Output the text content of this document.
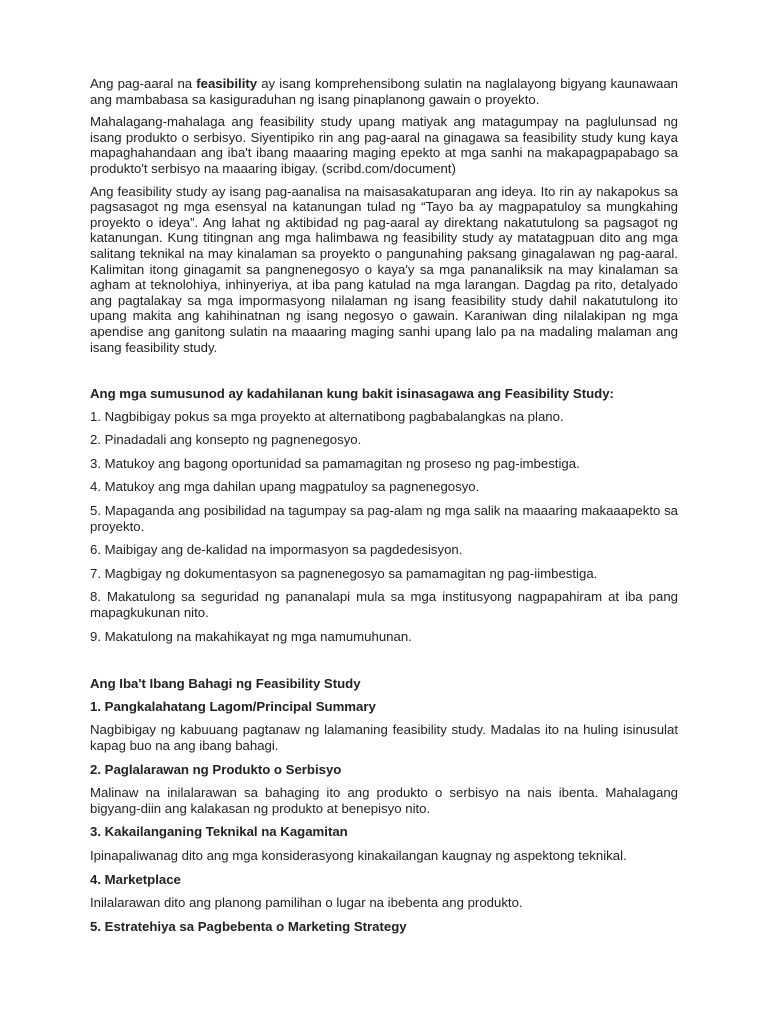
Ang pag-aaral na feasibility ay isang komprehensibong sulatin na naglalayong bigyang kaunawaan ang mambabasa sa kasiguraduhan ng isang pinaplanong gawain o proyekto.

Mahalagang-mahalaga ang feasibility study upang matiyak ang matagumpay na paglulunsad ng isang produkto o serbisyo. Siyentipiko rin ang pag-aaral na ginagawa sa feasibility study kung kaya mapaghahandaan ang iba't ibang maaaring maging epekto at mga sanhi na makapagpapabago sa produkto't serbisyo na maaaring ibigay. (scribd.com/document)

Ang feasibility study ay isang pag-aanalisa na maisasakatuparan ang ideya. Ito rin ay nakapokus sa pagsasagot ng mga esensyal na katanungan tulad ng “Tayo ba ay magpapatuloy sa mungkahing proyekto o ideya”. Ang lahat ng aktibidad ng pag-aaral ay direktang nakatutulong sa pagsagot ng katanungan. Kung titingnan ang mga halimbawa ng feasibility study ay matatagpuan dito ang mga salitang teknikal na may kinalaman sa proyekto o pangunahing paksang ginagalawan ng pag-aaral. Kalimitan itong ginagamit sa pangnenegosyo o kaya'y sa mga pananaliksik na may kinalaman sa agham at teknolohiya, inhinyeriya, at iba pang katulad na mga larangan. Dagdag pa rito, detalyado ang pagtalakay sa mga impormasyong nilalaman ng isang feasibility study dahil nakatutulong ito upang makita ang kahihinatnan ng isang negosyo o gawain. Karaniwan ding nilalakipan ng mga apendise ang ganitong sulatin na maaaring maging sanhi upang lalo pa na madaling malaman ang isang feasibility study.

Ang mga sumusunod ay kadahilanan kung bakit isinasagawa ang Feasibility Study:

1. Nagbibigay pokus sa mga proyekto at alternatibong pagbabalangkas na plano.

2. Pinadadali ang konsepto ng pagnenegosyo.

3. Matukoy ang bagong oportunidad sa pamamagitan ng proseso ng pag-imbestiga.

4. Matukoy ang mga dahilan upang magpatuloy sa pagnenegosyo.

5. Mapaganda ang posibilidad na tagumpay sa pag-alam ng mga salik na maaaring makaaapekto sa proyekto.

6. Maibigay ang de-kalidad na impormasyon sa pagdedesisyon.

7. Magbigay ng dokumentasyon sa pagnenegosyo sa pamamagitan ng pag-iimbestiga.

8. Makatulong sa seguridad ng pananalapi mula sa mga institusyong nagpapahiram at iba pang mapagkukunan nito.

9. Makatulong na makahikayat ng mga namumuhunan.

Ang Iba't Ibang Bahagi ng Feasibility Study

1. Pangkalahatang Lagom/Principal Summary

Nagbibigay ng kabuuang pagtanaw ng lalamaning feasibility study. Madalas ito na huling isinusulat kapag buo na ang ibang bahagi.

2. Paglalarawan ng Produkto o Serbisyo

Malinaw na inilalarawan sa bahaging ito ang produkto o serbisyo na nais ibenta. Mahalagang bigyang-diin ang kalakasan ng produkto at benepisyo nito.

3. Kakailanganing Teknikal na Kagamitan

Ipinapaliwanag dito ang mga konsiderasyong kinakailangan kaugnay ng aspektong teknikal.

4. Marketplace

Inilalarawan dito ang planong pamilihan o lugar na ibebenta ang produkto.

5. Estratehiya sa Pagbebenta o Marketing Strategy
